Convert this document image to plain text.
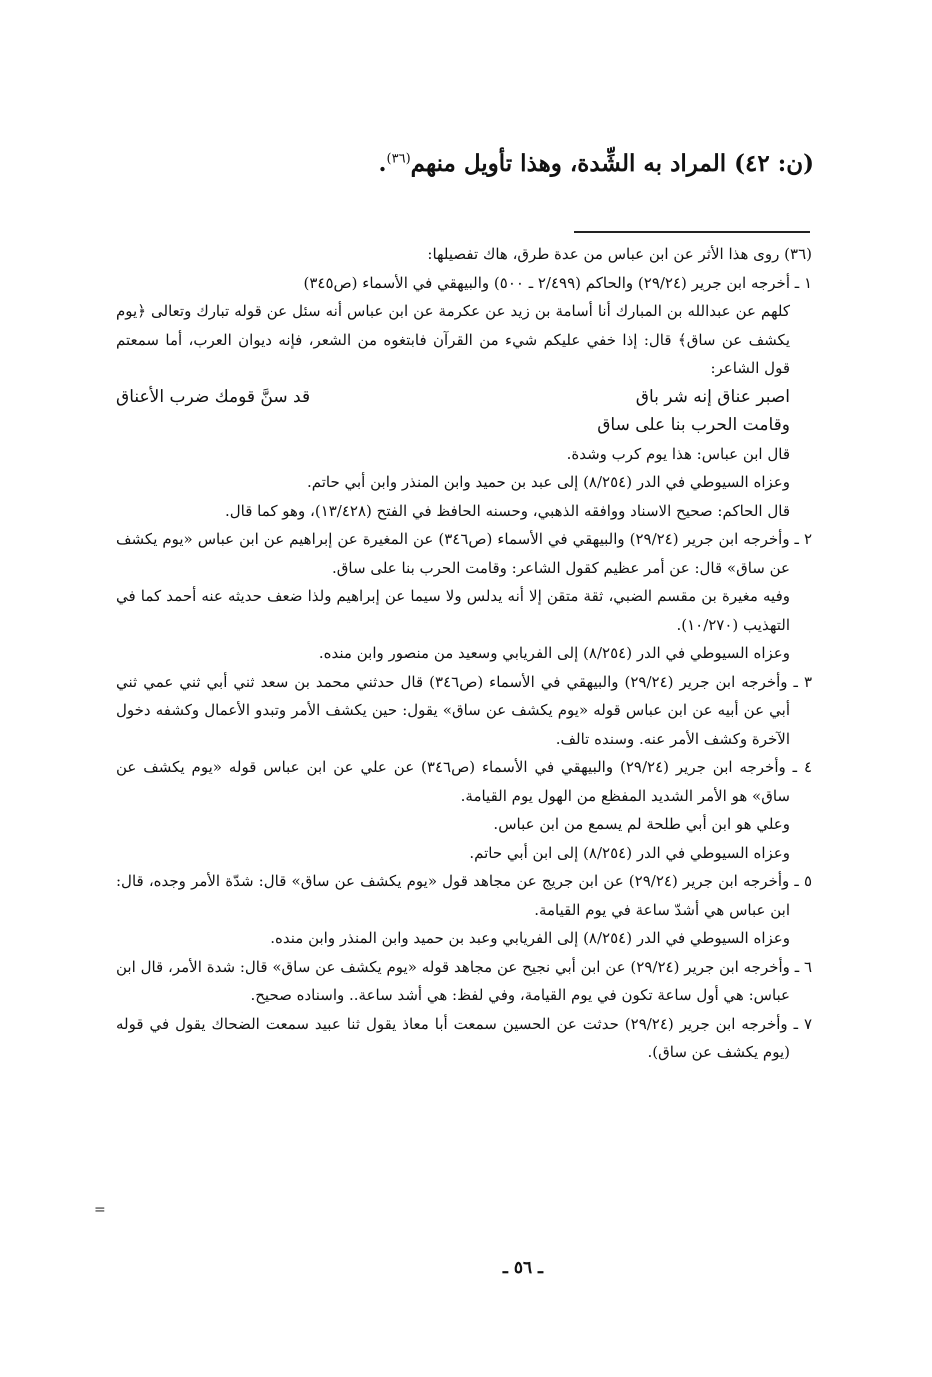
(ن: ٤٢) المراد به الشِّدة، وهذا تأويل منهم$^{(٣٦)}$.

(٣٦) روى هذا الأثر عن ابن عباس من عدة طرق، هاك تفصيلها:

١ ـ أخرجه ابن جرير (٢٩/٢٤) والحاكم (٢/٤٩٩ ـ ٥٠٠) والبيهقي في الأسماء (ص٣٤٥)

كلهم عن عبدالله بن المبارك أنا أسامة بن زيد عن عكرمة عن ابن عباس أنه سئل عن قوله تبارك وتعالى ﴿يوم يكشف عن ساق﴾ قال: إذا خفي عليكم شيء من القرآن فابتغوه من الشعر، فإنه ديوان العرب، أما سمعتم قول الشاعر:

اصبر عناق إنه شر باق
قد سنَّ قومك ضرب الأعناق
وقامت الحرب بنا على ساق

قال ابن عباس: هذا يوم كرب وشدة.

وعزاه السيوطي في الدر (٨/٢٥٤) إلى عبد بن حميد وابن المنذر وابن أبي حاتم.

قال الحاكم: صحيح الاسناد ووافقه الذهبي، وحسنه الحافظ في الفتح (١٣/٤٢٨)، وهو كما قال.

٢ ـ وأخرجه ابن جرير (٢٩/٢٤) والبيهقي في الأسماء (ص٣٤٦) عن المغيرة عن إبراهيم عن ابن عباس «يوم يكشف عن ساق» قال: عن أمر عظيم كقول الشاعر: وقامت الحرب بنا على ساق.

وفيه مغيرة بن مقسم الضبي، ثقة متقن إلا أنه يدلس ولا سيما عن إبراهيم ولذا ضعف حديثه عنه أحمد كما في التهذيب (١٠/٢٧٠).

وعزاه السيوطي في الدر (٨/٢٥٤) إلى الفريابي وسعيد من منصور وابن منده.

٣ ـ وأخرجه ابن جرير (٢٩/٢٤) والبيهقي في الأسماء (ص٣٤٦) قال حدثني محمد بن سعد ثني أبي ثني عمي ثني أبي عن أبيه عن ابن عباس قوله «يوم يكشف عن ساق» يقول: حين يكشف الأمر وتبدو الأعمال وكشفه دخول الآخرة وكشف الأمر عنه. وسنده تالف.

٤ ـ وأخرجه ابن جرير (٢٩/٢٤) والبيهقي في الأسماء (ص٣٤٦) عن علي عن ابن عباس قوله «يوم يكشف عن ساق» هو الأمر الشديد المفظع من الهول يوم القيامة.

وعلي هو ابن أبي طلحة لم يسمع من ابن عباس.

وعزاه السيوطي في الدر (٨/٢٥٤) إلى ابن أبي حاتم.

٥ ـ وأخرجه ابن جرير (٢٩/٢٤) عن ابن جريج عن مجاهد قول «يوم يكشف عن ساق» قال: شدّة الأمر وجده، قال: ابن عباس هي أشدّ ساعة في يوم القيامة.

وعزاه السيوطي في الدر (٨/٢٥٤) إلى الفريابي وعبد بن حميد وابن المنذر وابن منده.

٦ ـ وأخرجه ابن جرير (٢٩/٢٤) عن ابن أبي نجيح عن مجاهد قوله «يوم يكشف عن ساق» قال: شدة الأمر، قال ابن عباس: هي أول ساعة تكون في يوم القيامة، وفي لفظ: هي أشد ساعة.. واسناده صحيح.

٧ ـ وأخرجه ابن جرير (٢٩/٢٤) حدثت عن الحسين سمعت أبا معاذ يقول ثنا عبيد سمعت الضحاك يقول في قوله (يوم يكشف عن ساق).

=
ـ ٥٦ ـ
